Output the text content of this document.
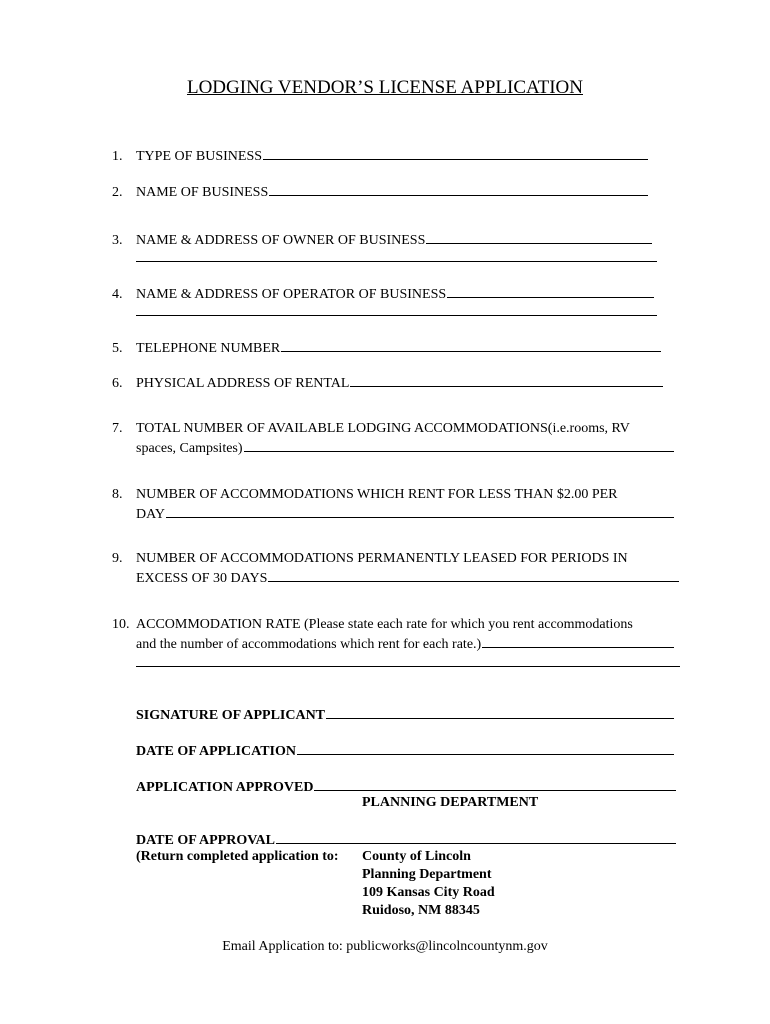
LODGING VENDOR’S LICENSE APPLICATION
1. TYPE OF BUSINESS
2. NAME OF BUSINESS
3. NAME & ADDRESS OF OWNER OF BUSINESS
4. NAME & ADDRESS OF OPERATOR OF BUSINESS
5. TELEPHONE NUMBER
6. PHYSICAL ADDRESS OF RENTAL
7. TOTAL NUMBER OF AVAILABLE LODGING ACCOMMODATIONS(i.e.rooms, RV
spaces, Campsites)
8. NUMBER OF ACCOMMODATIONS WHICH RENT FOR LESS THAN $2.00 PER
DAY
9. NUMBER OF ACCOMMODATIONS PERMANENTLY LEASED FOR PERIODS IN
EXCESS OF 30 DAYS
10. ACCOMMODATION RATE (Please state each rate for which you rent accommodations
and the number of accommodations which rent for each rate.)
SIGNATURE OF APPLICANT
DATE OF APPLICATION
APPLICATION APPROVED
PLANNING DEPARTMENT
DATE OF APPROVAL
(Return completed application to: County of Lincoln
Planning Department
109 Kansas City Road
Ruidoso, NM 88345
Email Application to: publicworks@lincolncountynm.gov
